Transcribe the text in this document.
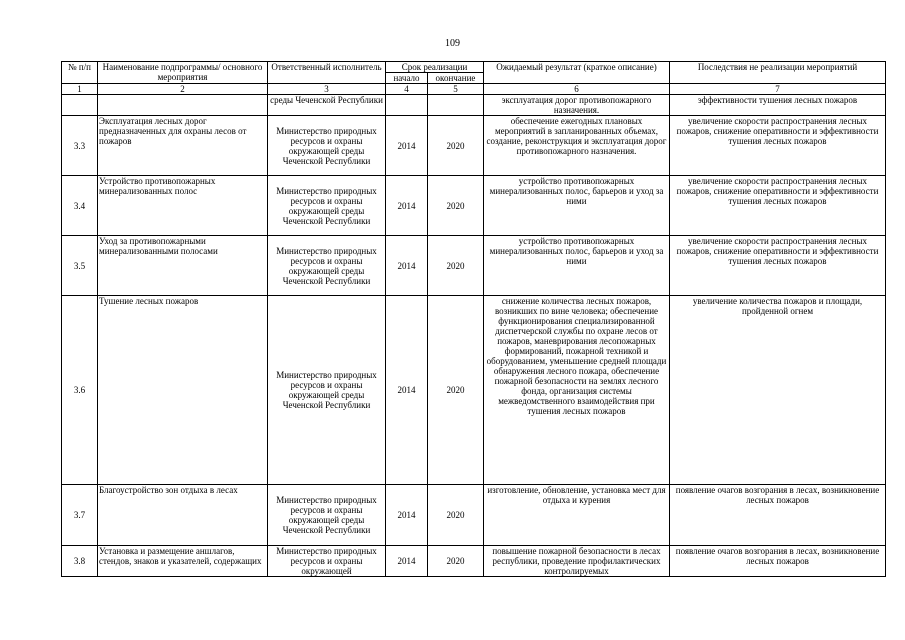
109
№ п/п	Наименование подпрограммы/ основного мероприятия	Ответственный исполнитель	Срок реализации		Ожидаемый результат (краткое описание)	Последствия не реализации мероприятий
			начало	окончание		
1	2	3	4	5	6	7
		среды Чеченской Республики			эксплуатация дорог противопожарного назначения.	эффективности тушения лесных пожаров
3.3	Эксплуатация лесных дорог предназначенных для охраны лесов от пожаров	Министерство природных ресурсов и охраны окружающей среды Чеченской Республики	2014	2020	обеспечение ежегодных плановых мероприятий в запланированных объемах, создание, реконструкция и эксплуатация дорог противопожарного назначения.	увеличение скорости распространения лесных пожаров, снижение оперативности и эффективности тушения лесных пожаров
3.4	Устройство противопожарных минерализованных полос	Министерство природных ресурсов и охраны окружающей среды Чеченской Республики	2014	2020	устройство противопожарных минерализованных полос, барьеров и уход за ними	увеличение скорости распространения лесных пожаров, снижение оперативности и эффективности тушения лесных пожаров
3.5	Уход за противопожарными минерализованными полосами	Министерство природных ресурсов и охраны окружающей среды Чеченской Республики	2014	2020	устройство противопожарных минерализованных полос, барьеров и уход за ними	увеличение скорости распространения лесных пожаров, снижение оперативности и эффективности тушения лесных пожаров
3.6	Тушение лесных пожаров	Министерство природных ресурсов и охраны окружающей среды Чеченской Республики	2014	2020	снижение количества лесных пожаров, возникших по вине человека; обеспечение функционирования специализированной диспетчерской службы по охране лесов от пожаров, маневрирования лесопожарных формирований, пожарной техникой и оборудованием, уменьшение средней площади обнаружения лесного пожара, обеспечение пожарной безопасности на землях лесного фонда, организация системы межведомственного взаимодействия при тушения лесных пожаров	увеличение количества пожаров и площади, пройденной огнем
3.7	Благоустройство зон отдыха в лесах	Министерство природных ресурсов и охраны окружающей среды Чеченской Республики	2014	2020	изготовление, обновление, установка мест для отдыха и курения	появление очагов возгорания в лесах, возникновение лесных пожаров
3.8	Установка и размещение аншлагов, стендов, знаков и указателей, содержащих	Министерство природных ресурсов и охраны окружающей	2014	2020	повышение пожарной безопасности в лесах республики, проведение профилактических контролируемых	появление очагов возгорания в лесах, возникновение лесных пожаров
